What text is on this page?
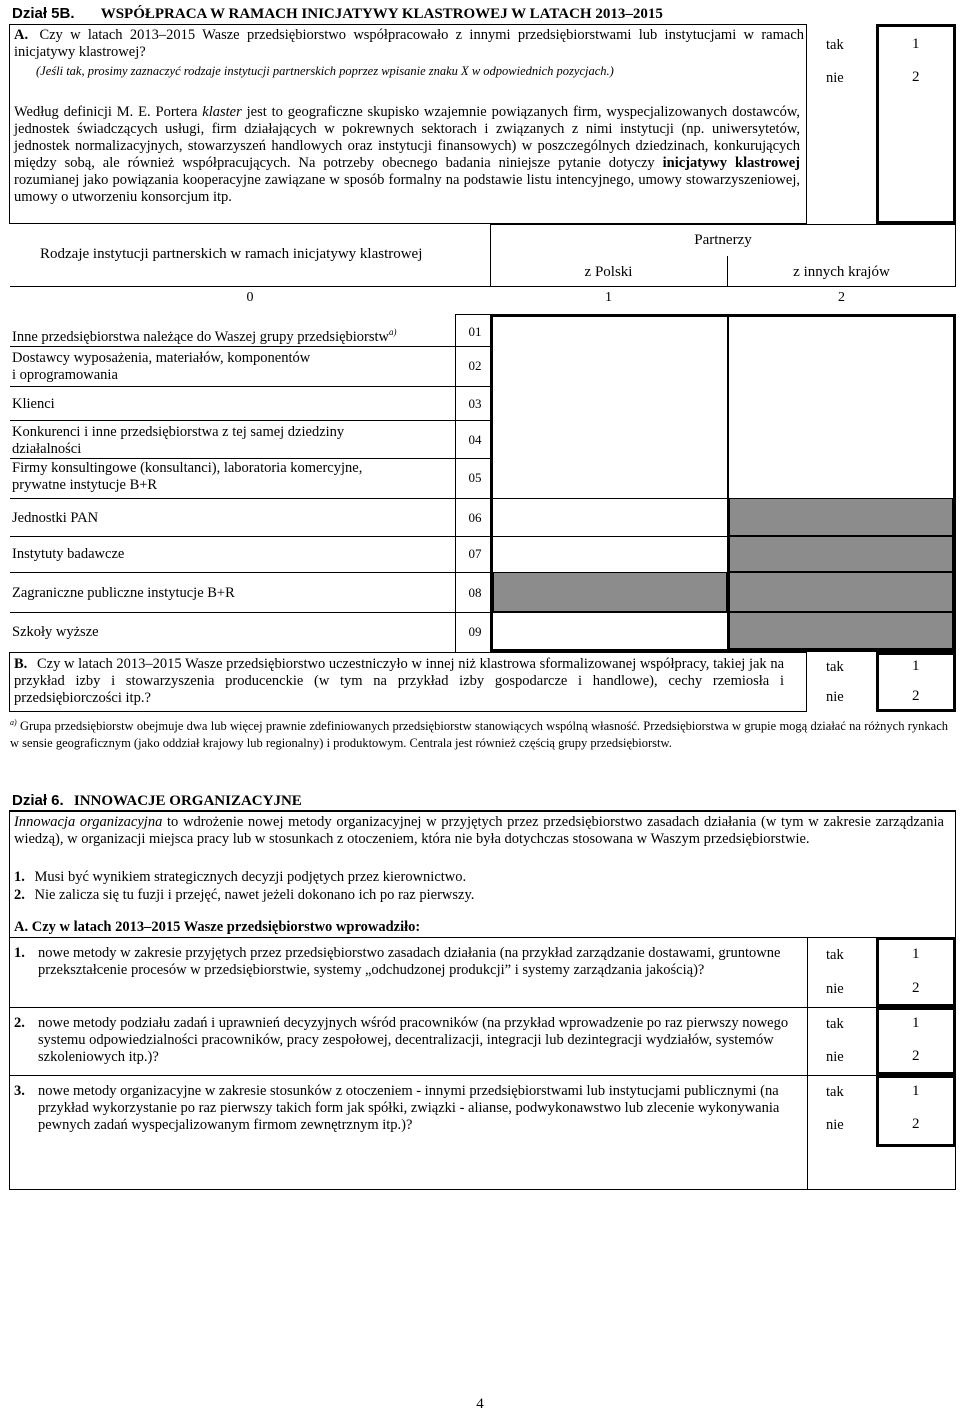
Dział 5B. WSPÓŁPRACA W RAMACH INICJATYWY KLASTROWEJ W LATACH 2013–2015
A. Czy w latach 2013–2015 Wasze przedsiębiorstwo współpracowało z innymi przedsiębiorstwami lub instytucjami w ramach inicjatywy klastrowej?
(Jeśli tak, prosimy zaznaczyć rodzaje instytucji partnerskich poprzez wpisanie znaku X w odpowiednich pozycjach.)
Według definicji M. E. Portera klaster jest to geograficzne skupisko wzajemnie powiązanych firm, wyspecjalizowanych dostawców, jednostek świadczących usługi, firm działających w pokrewnych sektorach i związanych z nimi instytucji (np. uniwersytetów, jednostek normalizacyjnych, stowarzyszeń handlowych oraz instytucji finansowych) w poszczególnych dziedzinach, konkurujących między sobą, ale również współpracujących. Na potrzeby obecnego badania niniejsze pytanie dotyczy inicjatywy klastrowej rozumianej jako powiązania kooperacyjne zawiązane w sposób formalny na podstawie listu intencyjnego, umowy stowarzyszeniowej, umowy o utworzeniu konsorcjum itp.
tak	1
nie	2
Rodzaje instytucji partnerskich w ramach inicjatywy klastrowej
Partnerzy
z Polski	z innych krajów
0	1	2
Inne przedsiębiorstwa należące do Waszej grupy przedsiębiorstw$^{a)}$	01
Dostawcy wyposażenia, materiałów, komponentów
i oprogramowania
02
Klienci	03
Konkurenci i inne przedsiębiorstwa z tej samej dziedziny
działalności
04
Firmy konsultingowe (konsultanci), laboratoria komercyjne,
prywatne instytucje B+R	05
Jednostki PAN	06
Instytuty badawcze	07
Zagraniczne publiczne instytucje B+R	08
Szkoły wyższe	09
B. Czy w latach 2013–2015 Wasze przedsiębiorstwo uczestniczyło w innej niż klastrowa sformalizowanej współpracy, takiej jak na przykład izby i stowarzyszenia producenckie (w tym na przykład izby gospodarcze i handlowe), cechy rzemiosła i przedsiębiorczości itp.?
tak	1
nie	2
$^{a)}$ Grupa przedsiębiorstw obejmuje dwa lub więcej prawnie zdefiniowanych przedsiębiorstw stanowiących wspólną własność. Przedsiębiorstwa w grupie mogą działać na różnych rynkach w sensie geograficznym (jako oddział krajowy lub regionalny) i produktowym. Centrala jest również częścią grupy przedsiębiorstw.
Dział 6. INNOWACJE ORGANIZACYJNE
Innowacja organizacyjna to wdrożenie nowej metody organizacyjnej w przyjętych przez przedsiębiorstwo zasadach działania (w tym w zakresie zarządzania wiedzą), w organizacji miejsca pracy lub w stosunkach z otoczeniem, która nie była dotychczas stosowana w Waszym przedsiębiorstwie.
1. Musi być wynikiem strategicznych decyzji podjętych przez kierownictwo.
2. Nie zalicza się tu fuzji i przejęć, nawet jeżeli dokonano ich po raz pierwszy.
A. Czy w latach 2013–2015 Wasze przedsiębiorstwo wprowadziło:
1. nowe metody w zakresie przyjętych przez przedsiębiorstwo zasadach działania (na przykład zarządzanie dostawami, gruntowne przekształcenie procesów w przedsiębiorstwie, systemy „odchudzonej produkcji” i systemy zarządzania jakością)?
tak	1
nie	2
2. nowe metody podziału zadań i uprawnień decyzyjnych wśród pracowników (na przykład wprowadzenie po raz pierwszy nowego systemu odpowiedzialności pracowników, pracy zespołowej, decentralizacji, integracji lub dezintegracji wydziałów, systemów szkoleniowych itp.)?
tak	1
nie	2
3. nowe metody organizacyjne w zakresie stosunków z otoczeniem - innymi przedsiębiorstwami lub instytucjami publicznymi (na przykład wykorzystanie po raz pierwszy takich form jak spółki, związki - alianse, podwykonawstwo lub zlecenie wykonywania pewnych zadań wyspecjalizowanym firmom zewnętrznym itp.)?
tak	1
nie	2
4
